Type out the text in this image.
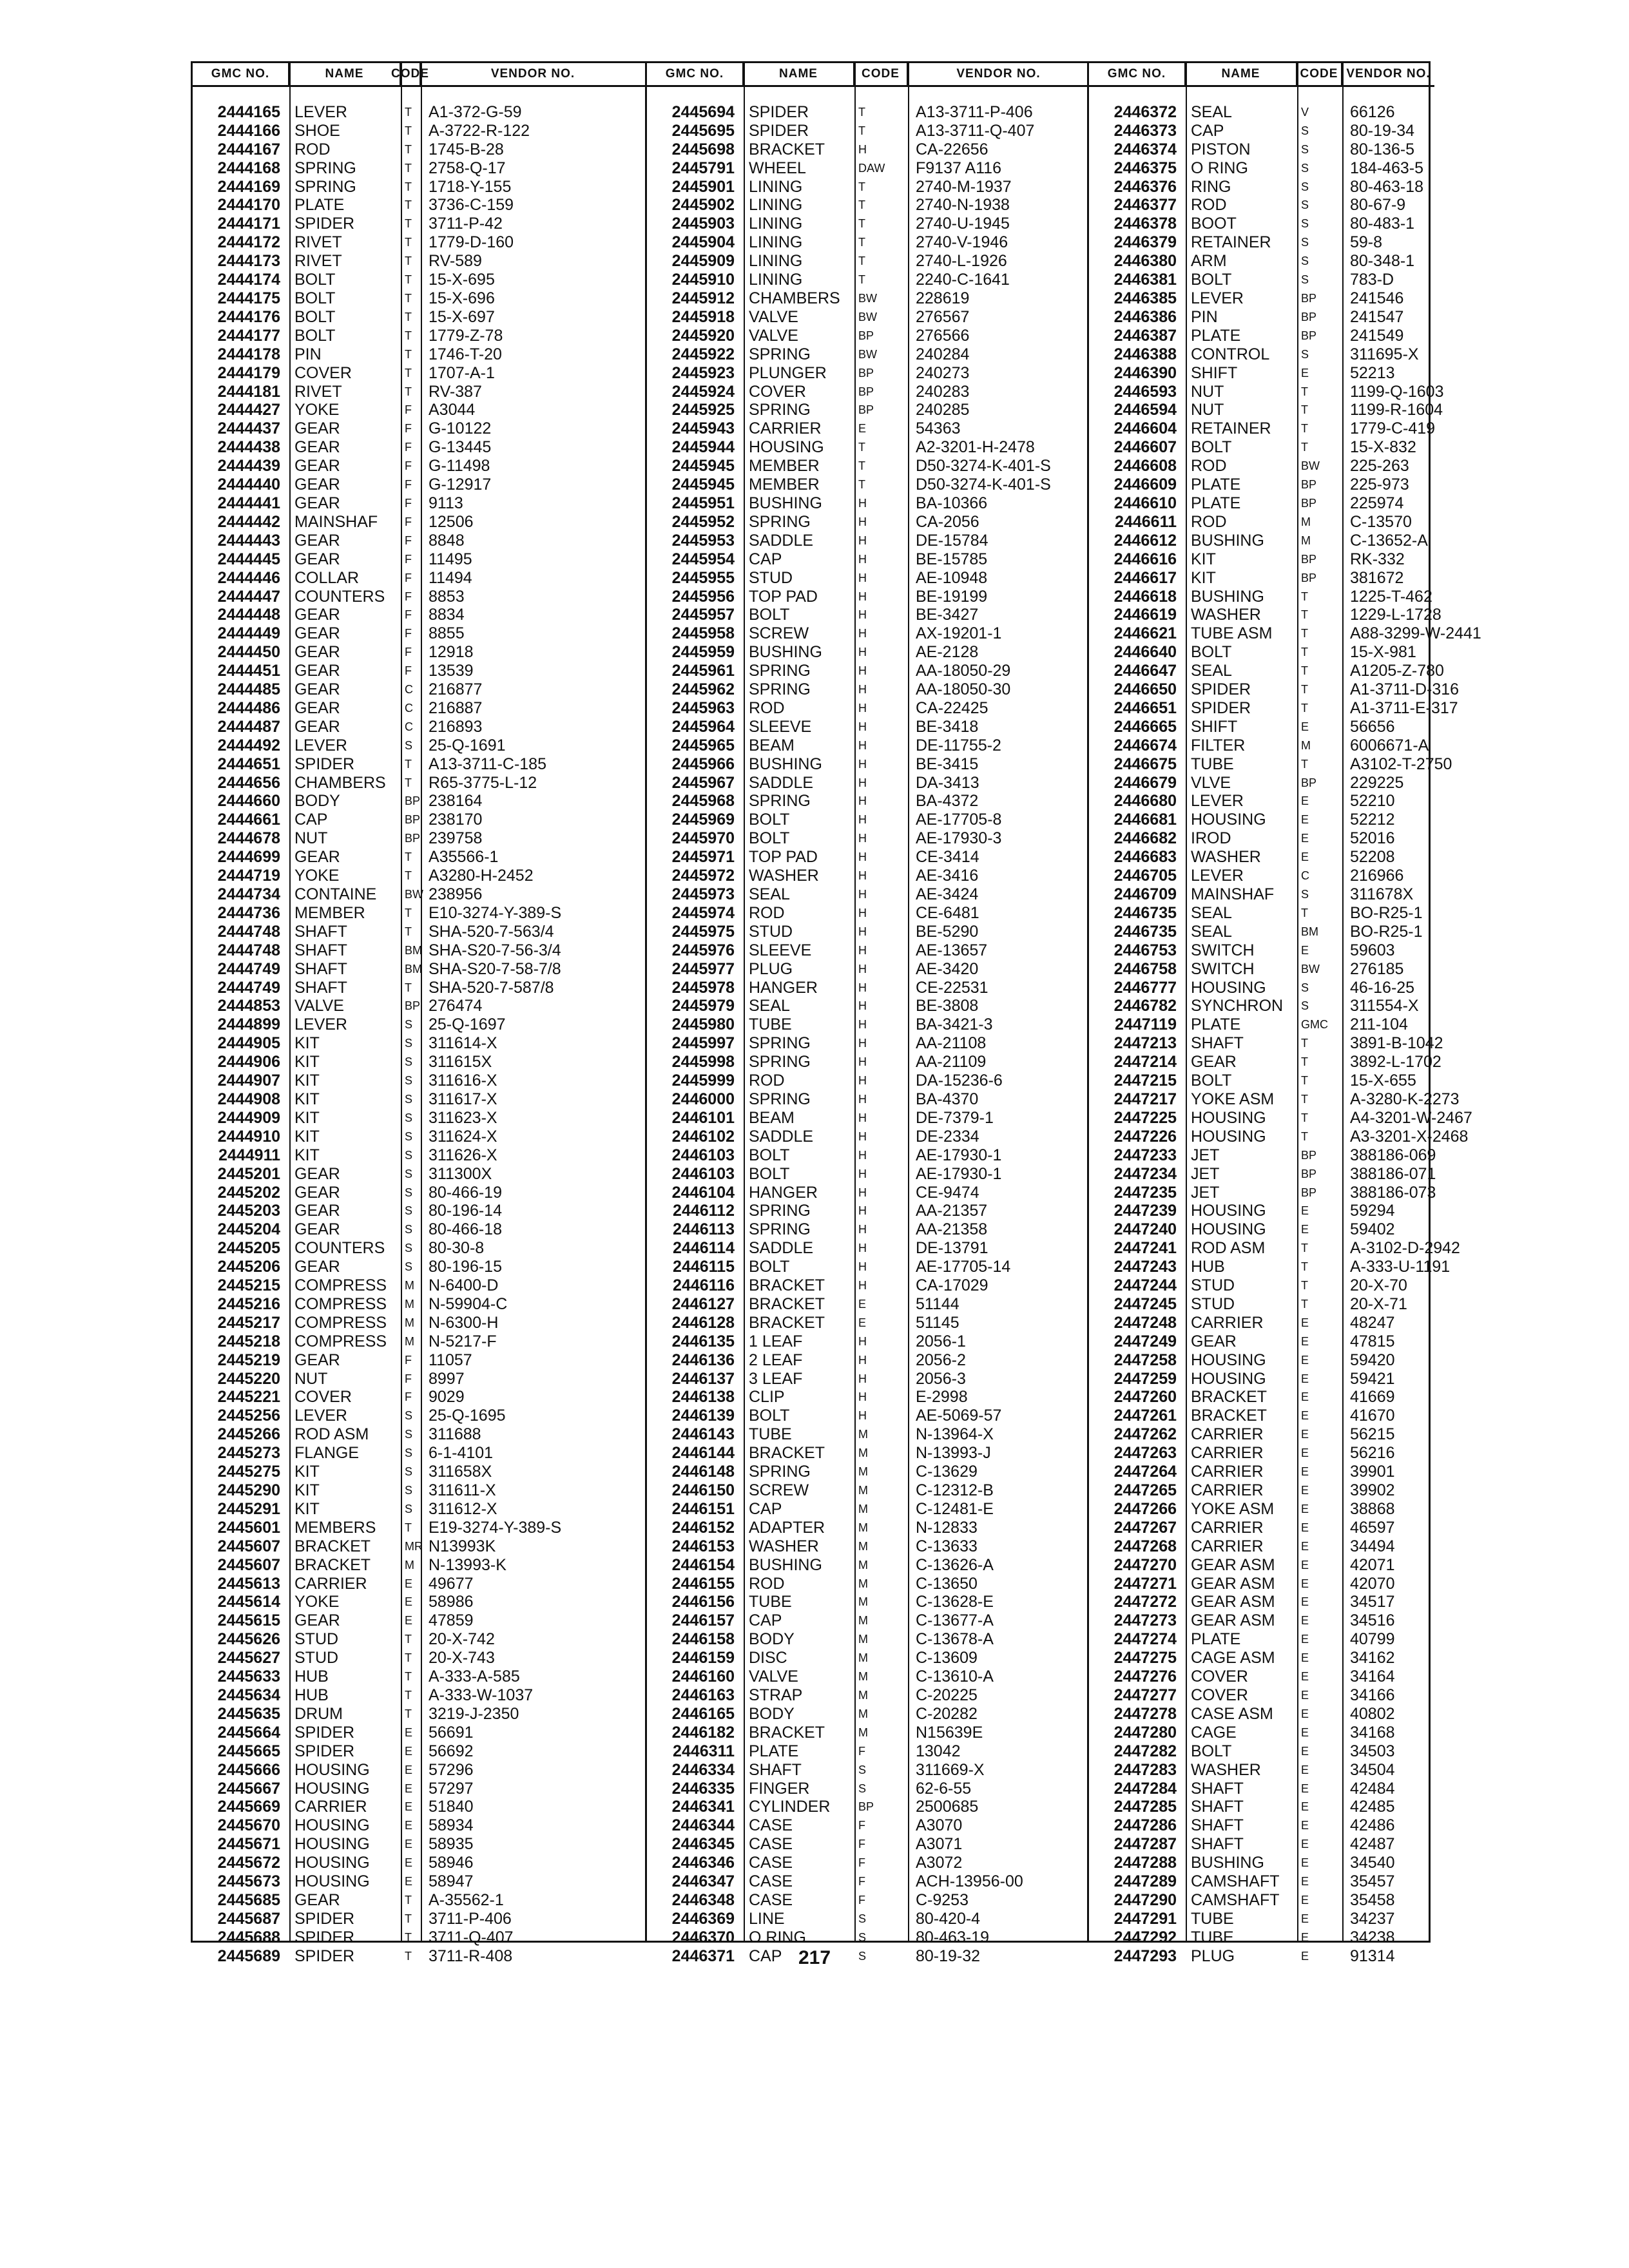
GMC NO.	NAME	CODE	VENDOR NO.
2444165 LEVER	T	A1-372-G-59
2444166 SHOE	T	A-3722-R-122
2444167 ROD	T	1745-B-28
2444168 SPRING	T	2758-Q-17
2444169 SPRING	T	1718-Y-155
2444170 PLATE	T	3736-C-159
2444171 SPIDER	T	3711-P-42
2444172 RIVET	T	1779-D-160
2444173 RIVET	T	RV-589
2444174 BOLT	T	15-X-695
2444175 BOLT	T	15-X-696
2444176 BOLT	T	15-X-697
2444177 BOLT	T	1779-Z-78
2444178 PIN	T	1746-T-20
2444179 COVER	T	1707-A-1
2444181 RIVET	T	RV-387
2444427 YOKE	F	A3044
2444437 GEAR	F	G-10122
2444438 GEAR	F	G-13445
2444439 GEAR	F	G-11498
2444440 GEAR	F	G-12917
2444441 GEAR	F	9113
2444442 MAINSHAF	F	12506
2444443 GEAR	F	8848
2444445 GEAR	F	11495
2444446 COLLAR	F	11494
2444447 COUNTERS	F	8853
2444448 GEAR	F	8834
2444449 GEAR	F	8855
2444450 GEAR	F	12918
2444451 GEAR	F	13539
2444485 GEAR	C 216877
2444486 GEAR	C 216887
2444487 GEAR	C 216893
2444492 LEVER	S 25-Q-1691
2444651 SPIDER	T	A13-3711-C-185
2444656 CHAMBERS	T	R65-3775-L-12
2444660 BODY	BP 238164
2444661 CAP	BP 238170
2444678 NUT	BP 239758
2444699 GEAR	T	A35566-1
2444719 YOKE	T	A3280-H-2452
2444734 CONTAINE	BW 238956
2444736 MEMBER	T	E10-3274-Y-389-S
2444748 SHAFT	T	SHA-520-7-563/4
2444748 SHAFT	BM SHA-S20-7-56-3/4
2444749 SHAFT	BM SHA-S20-7-58-7/8
2444749 SHAFT	T	SHA-520-7-587/8
2444853 VALVE	BP 276474
2444899 LEVER	S 25-Q-1697
2444905 KIT	S 311614-X
2444906 KIT	S 311615X
2444907 KIT	S 311616-X
2444908 KIT	S 311617-X
2444909 KIT	S 311623-X
2444910 KIT	S 311624-X
2444911 KIT	S 311626-X
2445201 GEAR	S 311300X
2445202 GEAR	S 80-466-19
2445203 GEAR	S 80-196-14
2445204 GEAR	S 80-466-18
2445205 COUNTERS	S 80-30-8
2445206 GEAR	S 80-196-15
2445215 COMPRESS	M N-6400-D
2445216 COMPRESS	M N-59904-C
2445217 COMPRESS	M N-6300-H
2445218 COMPRESS	M N-5217-F
2445219 GEAR	F	11057
2445220 NUT	F	8997
2445221 COVER	F	9029
2445256 LEVER	S 25-Q-1695
2445266 ROD ASM	S 311688
2445273 FLANGE	S 6-1-4101
2445275 KIT	S 311658X
2445290 KIT	S 311611-X
2445291 KIT	S 311612-X
2445601 MEMBERS	T	E19-3274-Y-389-S
2445607 BRACKET	MR N13993K
2445607 BRACKET	M N-13993-K
2445613 CARRIER	E 49677
2445614 YOKE	E 58986
2445615 GEAR	E 47859
2445626 STUD	T	20-X-742
2445627 STUD	T	20-X-743
2445633 HUB	T	A-333-A-585
2445634 HUB	T	A-333-W-1037
2445635 DRUM	T	3219-J-2350
2445664 SPIDER	E 56691
2445665 SPIDER	E 56692
2445666 HOUSING	E 57296
2445667 HOUSING	E 57297
2445669 CARRIER	E 51840
2445670 HOUSING	E 58934
2445671 HOUSING	E 58935
2445672 HOUSING	E 58946
2445673 HOUSING	E 58947
2445685 GEAR	T	A-35562-1
2445687 SPIDER	T	3711-P-406
2445688 SPIDER	T	3711-Q-407
2445689 SPIDER	T	3711-R-408
GMC NO.	NAME	CODE	VENDOR NO.
2445694 SPIDER	T	A13-3711-P-406
2445695 SPIDER	T	A13-3711-Q-407
2445698 BRACKET	H	CA-22656
2445791 WHEEL	DAW	F9137 A116
2445901 LINING	T	2740-M-1937
2445902 LINING	T	2740-N-1938
2445903 LINING	T	2740-U-1945
2445904 LINING	T	2740-V-1946
2445909 LINING	T	2740-L-1926
2445910 LINING	T	2240-C-1641
2445912 CHAMBERS	BW	228619
2445918 VALVE	BW	276567
2445920 VALVE	BP	276566
2445922 SPRING	BW	240284
2445923 PLUNGER	BP	240273
2445924 COVER	BP	240283
2445925 SPRING	BP	240285
2445943 CARRIER	E	54363
2445944 HOUSING	T	A2-3201-H-2478
2445945 MEMBER	T	D50-3274-K-401-S
2445945 MEMBER	T	D50-3274-K-401-S
2445951 BUSHING	H	BA-10366
2445952 SPRING	H	CA-2056
2445953 SADDLE	H	DE-15784
2445954 CAP	H	BE-15785
2445955 STUD	H	AE-10948
2445956 TOP PAD	H	BE-19199
2445957 BOLT	H	BE-3427
2445958 SCREW	H	AX-19201-1
2445959 BUSHING	H	AE-2128
2445961 SPRING	H	AA-18050-29
2445962 SPRING	H	AA-18050-30
2445963 ROD	H	CA-22425
2445964 SLEEVE	H	BE-3418
2445965 BEAM	H	DE-11755-2
2445966 BUSHING	H	BE-3415
2445967 SADDLE	H	DA-3413
2445968 SPRING	H	BA-4372
2445969 BOLT	H	AE-17705-8
2445970 BOLT	H	AE-17930-3
2445971 TOP PAD	H	CE-3414
2445972 WASHER	H	AE-3416
2445973 SEAL	H	AE-3424
2445974 ROD	H	CE-6481
2445975 STUD	H	BE-5290
2445976 SLEEVE	H	AE-13657
2445977 PLUG	H	AE-3420
2445978 HANGER	H	CE-22531
2445979 SEAL	H	BE-3808
2445980 TUBE	H	BA-3421-3
2445997 SPRING	H	AA-21108
2445998 SPRING	H	AA-21109
2445999 ROD	H	DA-15236-6
2446000 SPRING	H	BA-4370
2446101 BEAM	H	DE-7379-1
2446102 SADDLE	H	DE-2334
2446103 BOLT	H	AE-17930-1
2446103 BOLT	H	AE-17930-1
2446104 HANGER	H	CE-9474
2446112 SPRING	H	AA-21357
2446113 SPRING	H	AA-21358
2446114 SADDLE	H	DE-13791
2446115 BOLT	H	AE-17705-14
2446116 BRACKET	H	CA-17029
2446127 BRACKET	E	51144
2446128 BRACKET	E	51145
2446135 1 LEAF	H	2056-1
2446136 2 LEAF	H	2056-2
2446137 3 LEAF	H	2056-3
2446138 CLIP	H	E-2998
2446139 BOLT	H	AE-5069-57
2446143 TUBE	M	N-13964-X
2446144 BRACKET	M	N-13993-J
2446148 SPRING	M	C-13629
2446150 SCREW	M	C-12312-B
2446151 CAP	M	C-12481-E
2446152 ADAPTER	M	N-12833
2446153 WASHER	M	C-13633
2446154 BUSHING	M	C-13626-A
2446155 ROD	M	C-13650
2446156 TUBE	M	C-13628-E
2446157 CAP	M	C-13677-A
2446158 BODY	M	C-13678-A
2446159 DISC	M	C-13609
2446160 VALVE	M	C-13610-A
2446163 STRAP	M	C-20225
2446165 BODY	M	C-20282
2446182 BRACKET	M	N15639E
2446311 PLATE	F	13042
2446334 SHAFT	S	311669-X
2446335 FINGER	S	62-6-55
2446341 CYLINDER	BP	2500685
2446344 CASE	F	A3070
2446345 CASE	F	A3071
2446346 CASE	F	A3072
2446347 CASE	F	ACH-13956-00
2446348 CASE	F	C-9253
2446369 LINE	S	80-420-4
2446370 O RING	S	80-463-19
2446371 CAP	S	80-19-32
GMC NO.	NAME	CODE VENDOR NO.
2446372 SEAL	V	66126
2446373 CAP	S	80-19-34
2446374 PISTON	S	80-136-5
2446375 O RING	S	184-463-5
2446376 RING	S	80-463-18
2446377 ROD	S	80-67-9
2446378 BOOT	S	80-483-1
2446379 RETAINER	S	59-8
2446380 ARM	S	80-348-1
2446381 BOLT	S	783-D
2446385 LEVER	BP	241546
2446386 PIN	BP	241547
2446387 PLATE	BP	241549
2446388 CONTROL	S	311695-X
2446390 SHIFT	E	52213
2446593 NUT	T	1199-Q-1603
2446594 NUT	T	1199-R-1604
2446604 RETAINER	T	1779-C-419
2446607 BOLT	T	15-X-832
2446608 ROD	BW	225-263
2446609 PLATE	BP	225-973
2446610 PLATE	BP	225974
2446611 ROD	M	C-13570
2446612 BUSHING	M	C-13652-A
2446616 KIT	BP	RK-332
2446617 KIT	BP	381672
2446618 BUSHING	T	1225-T-462
2446619 WASHER	T	1229-L-1728
2446621 TUBE ASM	T	A88-3299-W-2441
2446640 BOLT	T	15-X-981
2446647 SEAL	T	A1205-Z-780
2446650 SPIDER	T	A1-3711-D-316
2446651 SPIDER	T	A1-3711-E-317
2446665 SHIFT	E	56656
2446674 FILTER	M	6006671-A
2446675 TUBE	T	A3102-T-2750
2446679 VLVE	BP	229225
2446680 LEVER	E	52210
2446681 HOUSING	E	52212
2446682 IROD	E	52016
2446683 WASHER	E	52208
2446705 LEVER	C	216966
2446709 MAINSHAF	S	311678X
2446735 SEAL	T	BO-R25-1
2446735 SEAL	BM	BO-R25-1
2446753 SWITCH	E	59603
2446758 SWITCH	BW	276185
2446777 HOUSING	S	46-16-25
2446782 SYNCHRON	S	311554-X
2447119 PLATE	GMC	211-104
2447213 SHAFT	T	3891-B-1042
2447214 GEAR	T	3892-L-1702
2447215 BOLT	T	15-X-655
2447217 YOKE ASM	T	A-3280-K-2273
2447225 HOUSING	T	A4-3201-W-2467
2447226 HOUSING	T	A3-3201-X-2468
2447233 JET	BP	388186-069
2447234 JET	BP	388186-071
2447235 JET	BP	388186-073
2447239 HOUSING	E	59294
2447240 HOUSING	E	59402
2447241 ROD ASM	T	A-3102-D-2942
2447243 HUB	T	A-333-U-1191
2447244 STUD	T	20-X-70
2447245 STUD	T	20-X-71
2447248 CARRIER	E	48247
2447249 GEAR	E	47815
2447258 HOUSING	E	59420
2447259 HOUSING	E	59421
2447260 BRACKET	E	41669
2447261 BRACKET	E	41670
2447262 CARRIER	E	56215
2447263 CARRIER	E	56216
2447264 CARRIER	E	39901
2447265 CARRIER	E	39902
2447266 YOKE ASM	E	38868
2447267 CARRIER	E	46597
2447268 CARRIER	E	34494
2447270 GEAR ASM	E	42071
2447271 GEAR ASM	E	42070
2447272 GEAR ASM	E	34517
2447273 GEAR ASM	E	34516
2447274 PLATE	E	40799
2447275 CAGE ASM	E	34162
2447276 COVER	E	34164
2447277 COVER	E	34166
2447278 CASE ASM	E	40802
2447280 CAGE	E	34168
2447282 BOLT	E	34503
2447283 WASHER	E	34504
2447284 SHAFT	E	42484
2447285 SHAFT	E	42485
2447286 SHAFT	E	42486
2447287 SHAFT	E	42487
2447288 BUSHING	E	34540
2447289 CAMSHAFT	E	35457
2447290 CAMSHAFT	E	35458
2447291 TUBE	E	34237
2447292 TUBE	E	34238
2447293 PLUG	E	91314
217
